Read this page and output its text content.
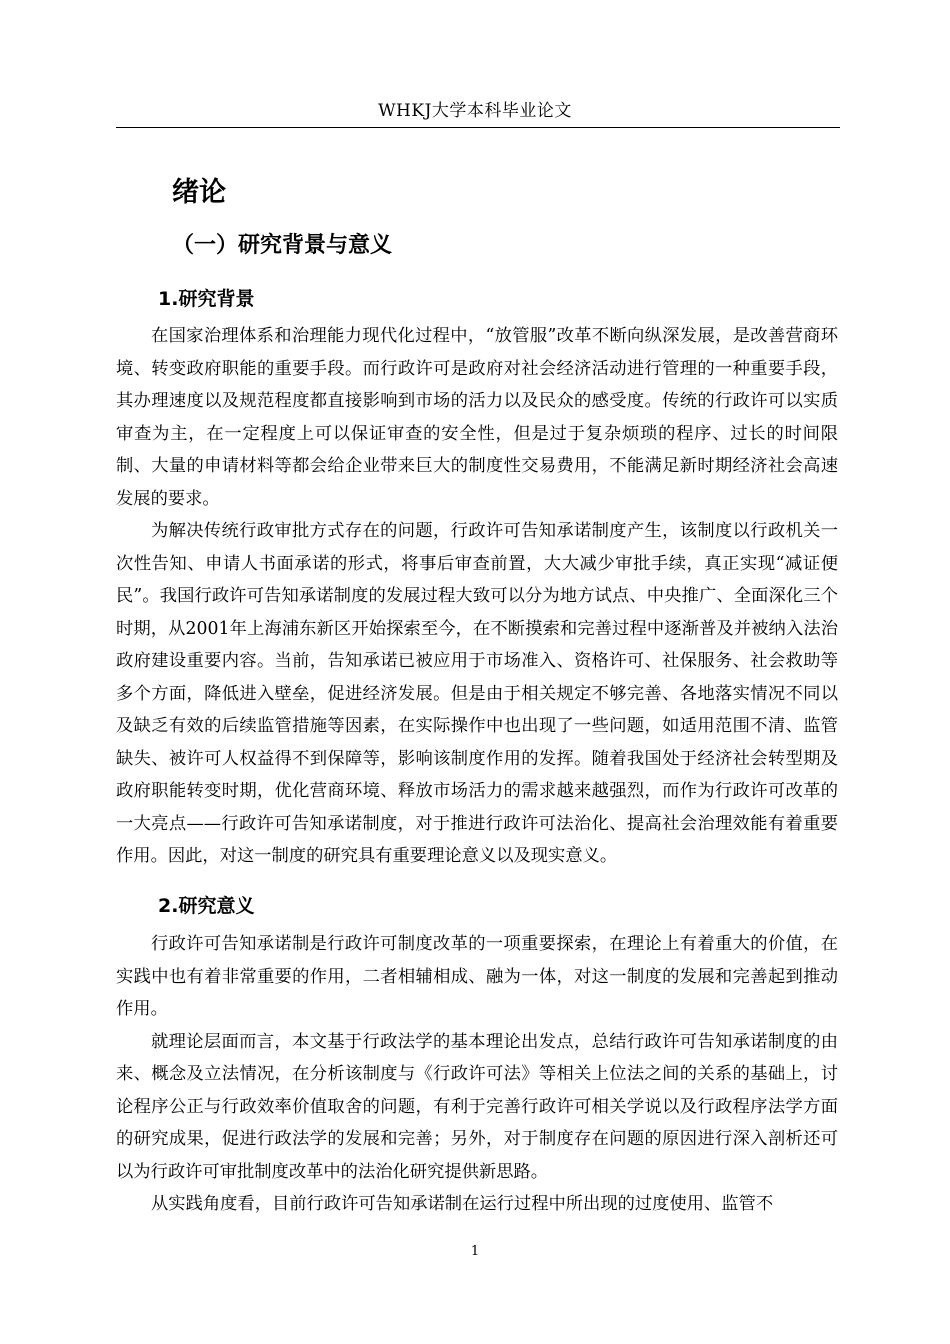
WHKJ大学本科毕业论文
绪论
（一）研究背景与意义
1.研究背景

在国家治理体系和治理能力现代化过程中，“放管服”改革不断向纵深发展，是改善营商环境、转变政府职能的重要手段。而行政许可是政府对社会经济活动进行管理的一种重要手段，其办理速度以及规范程度都直接影响到市场的活力以及民众的感受度。传统的行政许可以实质审查为主，在一定程度上可以保证审查的安全性，但是过于复杂烦琐的程序、过长的时间限制、大量的申请材料等都会给企业带来巨大的制度性交易费用，不能满足新时期经济社会高速发展的要求。

为解决传统行政审批方式存在的问题，行政许可告知承诺制度产生，该制度以行政机关一次性告知、申请人书面承诺的形式，将事后审查前置，大大减少审批手续，真正实现“减证便民”。我国行政许可告知承诺制度的发展过程大致可以分为地方试点、中央推广、全面深化三个时期，从2001年上海浦东新区开始探索至今，在不断摸索和完善过程中逐渐普及并被纳入法治政府建设重要内容。当前，告知承诺已被应用于市场准入、资格许可、社保服务、社会救助等多个方面，降低进入壁垒，促进经济发展。但是由于相关规定不够完善、各地落实情况不同以及缺乏有效的后续监管措施等因素，在实际操作中也出现了一些问题，如适用范围不清、监管缺失、被许可人权益得不到保障等，影响该制度作用的发挥。随着我国处于经济社会转型期及政府职能转变时期，优化营商环境、释放市场活力的需求越来越强烈，而作为行政许可改革的一大亮点——行政许可告知承诺制度，对于推进行政许可法治化、提高社会治理效能有着重要作用。因此，对这一制度的研究具有重要理论意义以及现实意义。

2.研究意义

行政许可告知承诺制是行政许可制度改革的一项重要探索，在理论上有着重大的价值，在实践中也有着非常重要的作用，二者相辅相成、融为一体，对这一制度的发展和完善起到推动作用。

就理论层面而言，本文基于行政法学的基本理论出发点，总结行政许可告知承诺制度的由来、概念及立法情况，在分析该制度与《行政许可法》等相关上位法之间的关系的基础上，讨论程序公正与行政效率价值取舍的问题，有利于完善行政许可相关学说以及行政程序法学方面的研究成果，促进行政法学的发展和完善；另外，对于制度存在问题的原因进行深入剖析还可以为行政许可审批制度改革中的法治化研究提供新思路。

从实践角度看，目前行政许可告知承诺制在运行过程中所出现的过度使用、监管不

1
